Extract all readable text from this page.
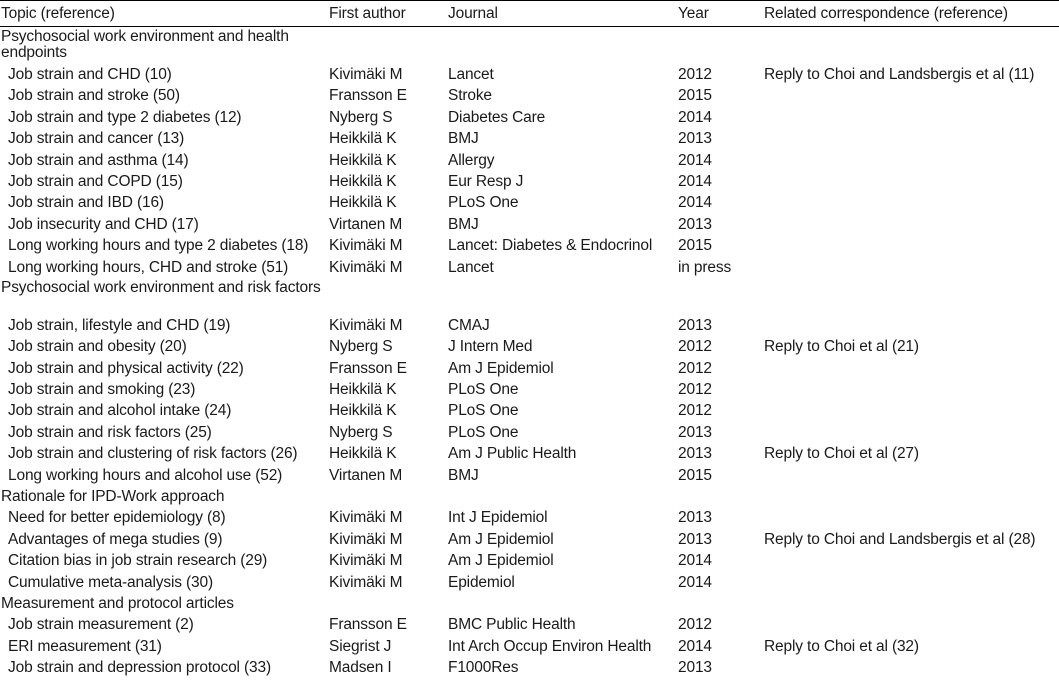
Topic (reference)	First author	Journal	Year	Related correspondence (reference)
Psychosocial work environment and health endpoints
Job strain and CHD (10)	Kivimäki M	Lancet	2012	Reply to Choi and Landsbergis et al (11)
Job strain and stroke (50)	Fransson E	Stroke	2015
Job strain and type 2 diabetes (12)	Nyberg S	Diabetes Care	2014
Job strain and cancer (13)	Heikkilä K	BMJ	2013
Job strain and asthma (14)	Heikkilä K	Allergy	2014
Job strain and COPD (15)	Heikkilä K	Eur Resp J	2014
Job strain and IBD (16)	Heikkilä K	PLoS One	2014
Job insecurity and CHD (17)	Virtanen M	BMJ	2013
Long working hours and type 2 diabetes (18)	Kivimäki M	Lancet: Diabetes & Endocrinol	2015
Long working hours, CHD and stroke (51)	Kivimäki M	Lancet	in press
Psychosocial work environment and risk factors
Job strain, lifestyle and CHD (19)	Kivimäki M	CMAJ	2013
Job strain and obesity (20)	Nyberg S	J Intern Med	2012	Reply to Choi et al (21)
Job strain and physical activity (22)	Fransson E	Am J Epidemiol	2012
Job strain and smoking (23)	Heikkilä K	PLoS One	2012
Job strain and alcohol intake (24)	Heikkilä K	PLoS One	2012
Job strain and risk factors (25)	Nyberg S	PLoS One	2013
Job strain and clustering of risk factors (26)	Heikkilä K	Am J Public Health	2013	Reply to Choi et al (27)
Long working hours and alcohol use (52)	Virtanen M	BMJ	2015
Rationale for IPD-Work approach
Need for better epidemiology (8)	Kivimäki M	Int J Epidemiol	2013
Advantages of mega studies (9)	Kivimäki M	Am J Epidemiol	2013	Reply to Choi and Landsbergis et al (28)
Citation bias in job strain research (29)	Kivimäki M	Am J Epidemiol	2014
Cumulative meta-analysis (30)	Kivimäki M	Epidemiol	2014
Measurement and protocol articles
Job strain measurement (2)	Fransson E	BMC Public Health	2012
ERI measurement (31)	Siegrist J	Int Arch Occup Environ Health	2014	Reply to Choi et al (32)
Job strain and depression protocol (33)	Madsen I	F1000Res	2013
